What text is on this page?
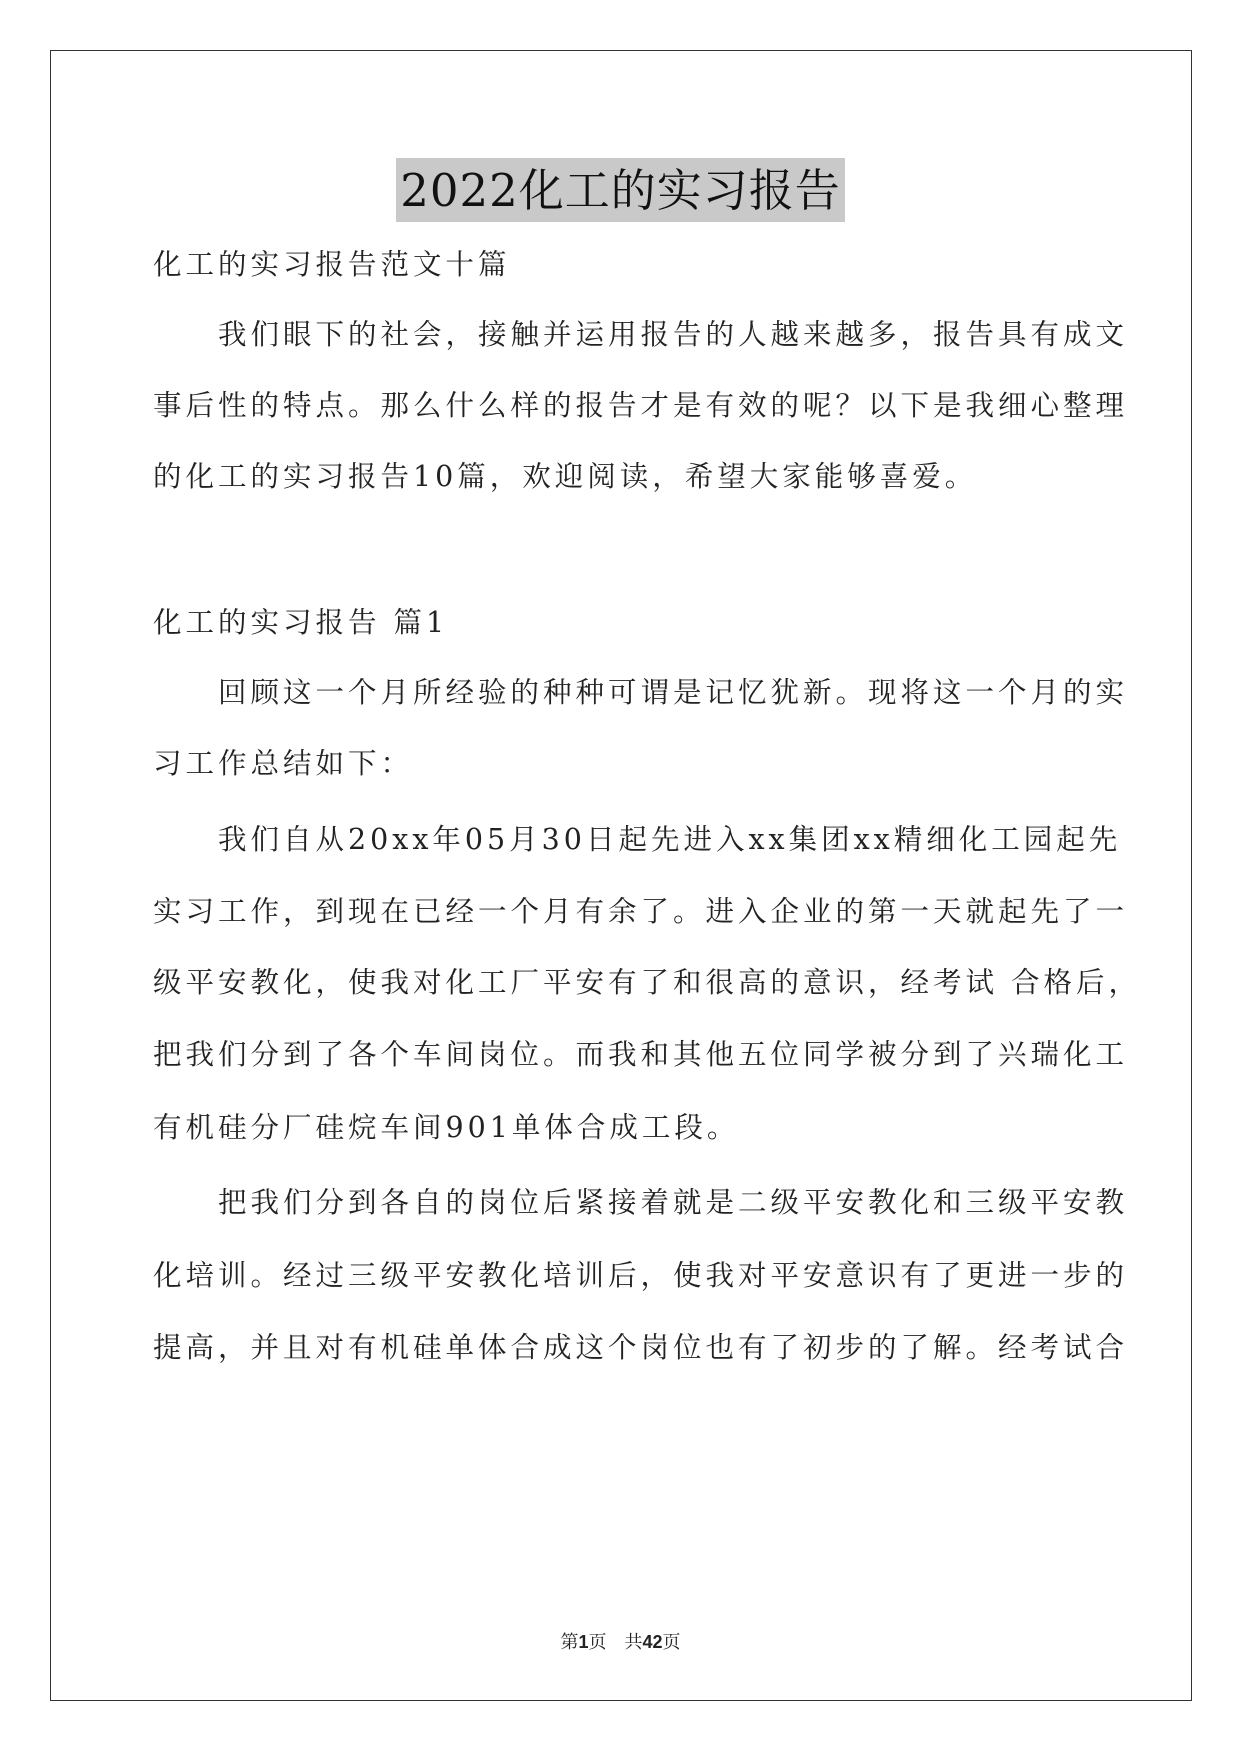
2022化工的实习报告
化工的实习报告范文十篇
我们眼下的社会，接触并运用报告的人越来越多，报告具有成文
事后性的特点。那么什么样的报告才是有效的呢？以下是我细心整理
的化工的实习报告10篇，欢迎阅读，希望大家能够喜爱。
化工的实习报告 篇1
回顾这一个月所经验的种种可谓是记忆犹新。现将这一个月的实
习工作总结如下：
我们自从20xx年05月30日起先进入xx集团xx精细化工园起先
实习工作，到现在已经一个月有余了。进入企业的第一天就起先了一
级平安教化，使我对化工厂平安有了和很高的意识，经考试 合格后，
把我们分到了各个车间岗位。而我和其他五位同学被分到了兴瑞化工
有机硅分厂硅烷车间901单体合成工段。
把我们分到各自的岗位后紧接着就是二级平安教化和三级平安教
化培训。经过三级平安教化培训后，使我对平安意识有了更进一步的
提高，并且对有机硅单体合成这个岗位也有了初步的了解。经考试合
第1页　共42页
